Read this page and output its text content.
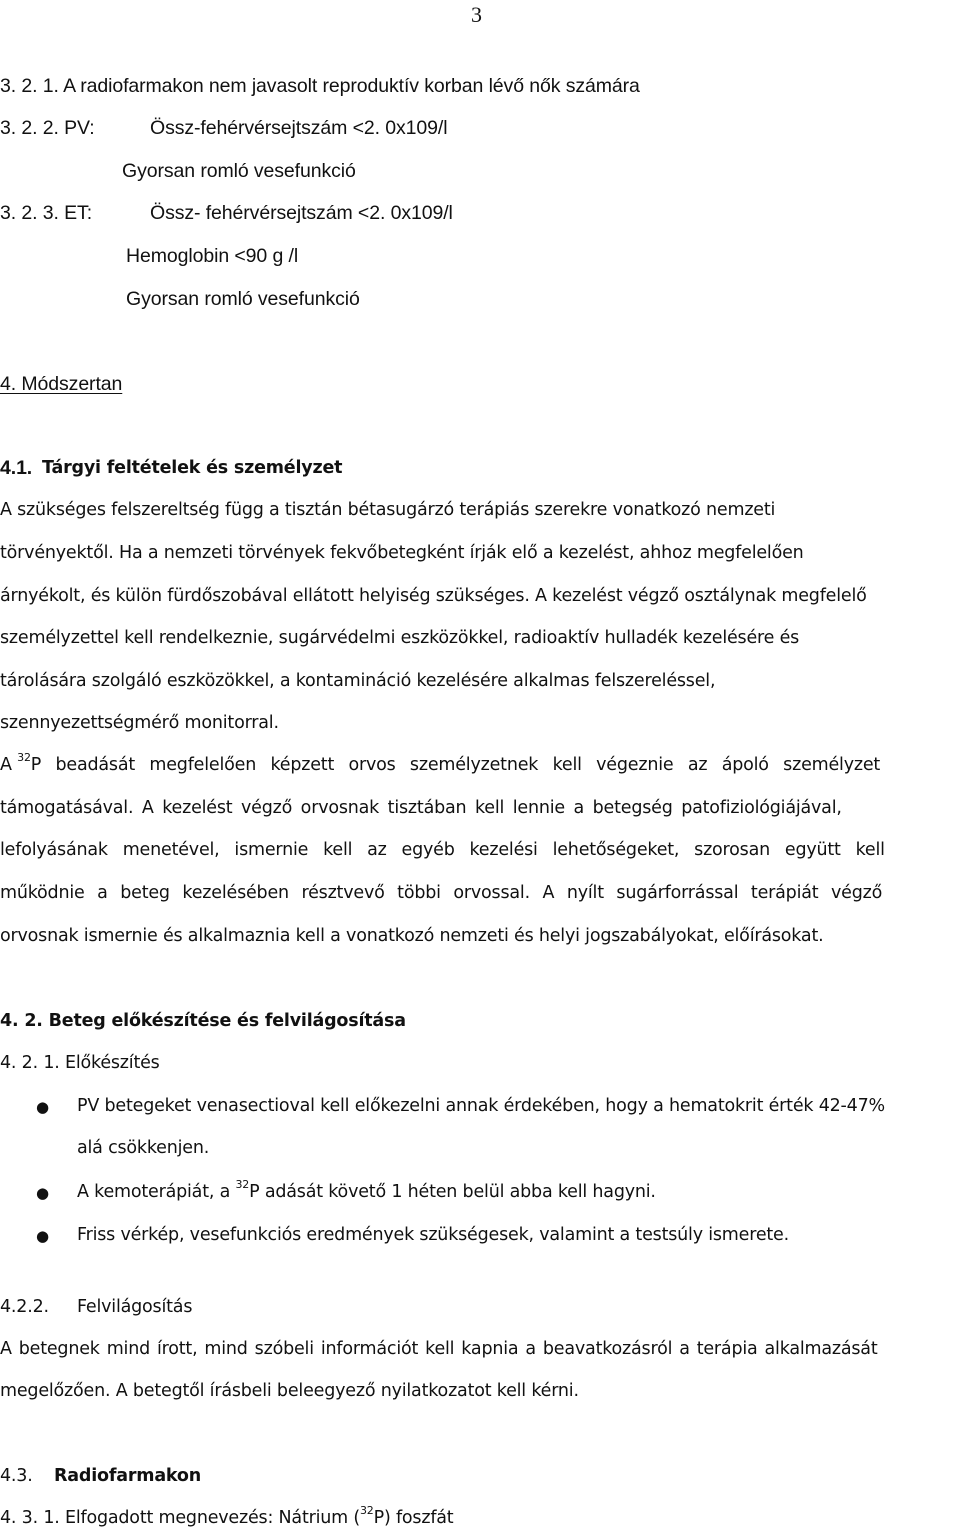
3
3. 2. 1. A radiofarmakon nem javasolt reproduktív korban lévő nők számára
3. 2. 2. PV:	Össz-fehérvérsejtszám <2. 0x109/l
Gyorsan romló vesefunkció
3. 2. 3. ET:	Össz- fehérvérsejtszám <2. 0x109/l
Hemoglobin <90 g /l
Gyorsan romló vesefunkció
4. Módszertan
4.1. Tárgyi feltételek és személyzet
A szükséges felszereltség függ a tisztán bétasugárzó terápiás szerekre vonatkozó nemzeti
törvényektől. Ha a nemzeti törvények fekvőbetegként írják elő a kezelést, ahhoz megfelelően
árnyékolt, és külön fürdőszobával ellátott helyiség szükséges. A kezelést végző osztálynak megfelelő
személyzettel kell rendelkeznie, sugárvédelmi eszközökkel, radioaktív hulladék kezelésére és
tárolására szolgáló eszközökkel, a kontamináció kezelésére alkalmas felszereléssel,
szennyezettségmérő monitorral.
A $^{32}$P beadását megfelelően képzett orvos személyzetnek kell végeznie az ápoló személyzet
támogatásával. A kezelést végző orvosnak tisztában kell lennie a betegség patofiziológiájával,
lefolyásának menetével, ismernie kell az egyéb kezelési lehetőségeket, szorosan együtt kell
működnie a beteg kezelésében résztvevő többi orvossal. A nyílt sugárforrással terápiát végző
orvosnak ismernie és alkalmaznia kell a vonatkozó nemzeti és helyi jogszabályokat, előírásokat.
4. 2. Beteg előkészítése és felvilágosítása
4. 2. 1. Előkészítés
● PV betegeket venasectioval kell előkezelni annak érdekében, hogy a hematokrit érték 42-47%
alá csökkenjen.
● A kemoterápiát, a $^{32}$P adását követő 1 héten belül abba kell hagyni.
● Friss vérkép, vesefunkciós eredmények szükségesek, valamint a testsúly ismerete.
4.2.2. Felvilágosítás
A betegnek mind írott, mind szóbeli információt kell kapnia a beavatkozásról a terápia alkalmazását
megelőzően. A betegtől írásbeli beleegyező nyilatkozatot kell kérni.
4.3. Radiofarmakon
4. 3. 1. Elfogadott megnevezés: Nátrium ($^{32}$P) foszfát
